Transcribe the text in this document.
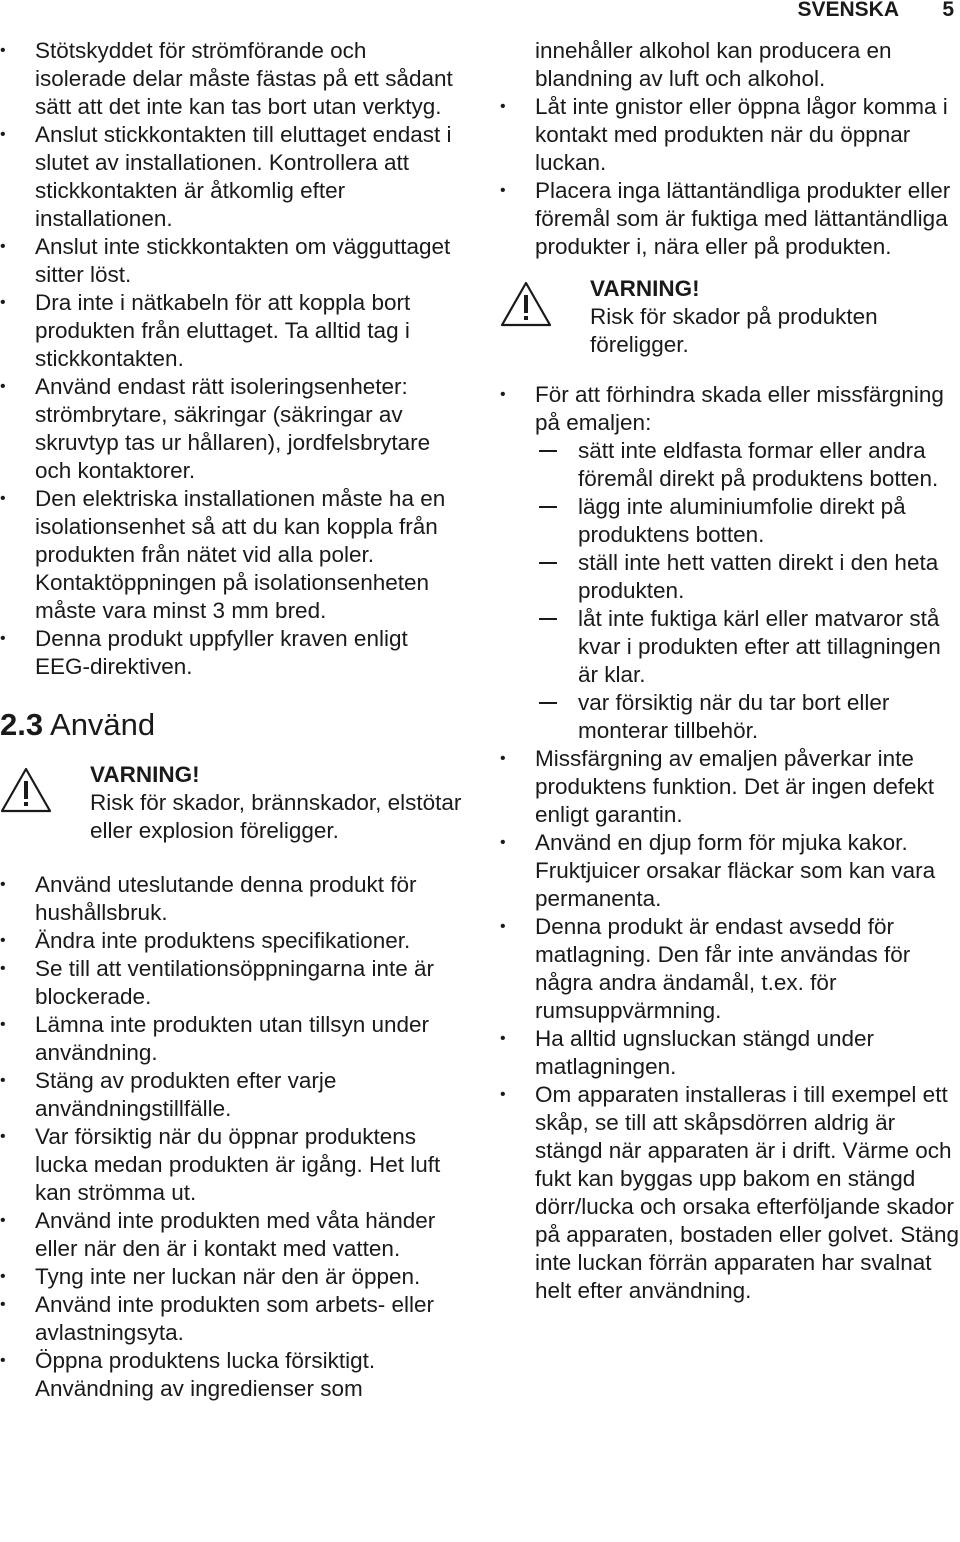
SVENSKA 5
• Stötskyddet för strömförande och isolerade delar måste fästas på ett sådant sätt att det inte kan tas bort utan verktyg.
• Anslut stickkontakten till eluttaget endast i slutet av installationen. Kontrollera att stickkontakten är åtkomlig efter installationen.
• Anslut inte stickkontakten om vägguttaget sitter löst.
• Dra inte i nätkabeln för att koppla bort produkten från eluttaget. Ta alltid tag i stickkontakten.
• Använd endast rätt isoleringsenheter: strömbrytare, säkringar (säkringar av skruvtyp tas ur hållaren), jordfelsbrytare och kontaktorer.
• Den elektriska installationen måste ha en isolationsenhet så att du kan koppla från produkten från nätet vid alla poler. Kontaktöppningen på isolationsenheten måste vara minst 3 mm bred.
• Denna produkt uppfyller kraven enligt EEG-direktiven.
2.3 Använd
VARNING!
Risk för skador, brännskador, elstötar eller explosion föreligger.
• Använd uteslutande denna produkt för hushållsbruk.
• Ändra inte produktens specifikationer.
• Se till att ventilationsöppningarna inte är blockerade.
• Lämna inte produkten utan tillsyn under användning.
• Stäng av produkten efter varje användningstillfälle.
• Var försiktig när du öppnar produktens lucka medan produkten är igång. Het luft kan strömma ut.
• Använd inte produkten med våta händer eller när den är i kontakt med vatten.
• Tyng inte ner luckan när den är öppen.
• Använd inte produkten som arbets- eller avlastningsyta.
• Öppna produktens lucka försiktigt. Användning av ingredienser som
innehåller alkohol kan producera en blandning av luft och alkohol.
• Låt inte gnistor eller öppna lågor komma i kontakt med produkten när du öppnar luckan.
• Placera inga lättantändliga produkter eller föremål som är fuktiga med lättantändliga produkter i, nära eller på produkten.
VARNING!
Risk för skador på produkten föreligger.
• För att förhindra skada eller missfärgning på emaljen:
sätt inte eldfasta formar eller andra föremål direkt på produktens botten.
lägg inte aluminiumfolie direkt på produktens botten.
ställ inte hett vatten direkt i den heta produkten.
låt inte fuktiga kärl eller matvaror stå kvar i produkten efter att tillagningen är klar.
var försiktig när du tar bort eller monterar tillbehör.
• Missfärgning av emaljen påverkar inte produktens funktion. Det är ingen defekt enligt garantin.
• Använd en djup form för mjuka kakor. Fruktjuicer orsakar fläckar som kan vara permanenta.
• Denna produkt är endast avsedd för matlagning. Den får inte användas för några andra ändamål, t.ex. för rumsuppvärmning.
• Ha alltid ugnsluckan stängd under matlagningen.
• Om apparaten installeras i till exempel ett skåp, se till att skåpsdörren aldrig är stängd när apparaten är i drift. Värme och fukt kan byggas upp bakom en stängd dörr/lucka och orsaka efterföljande skador på apparaten, bostaden eller golvet. Stäng inte luckan förrän apparaten har svalnat helt efter användning.
